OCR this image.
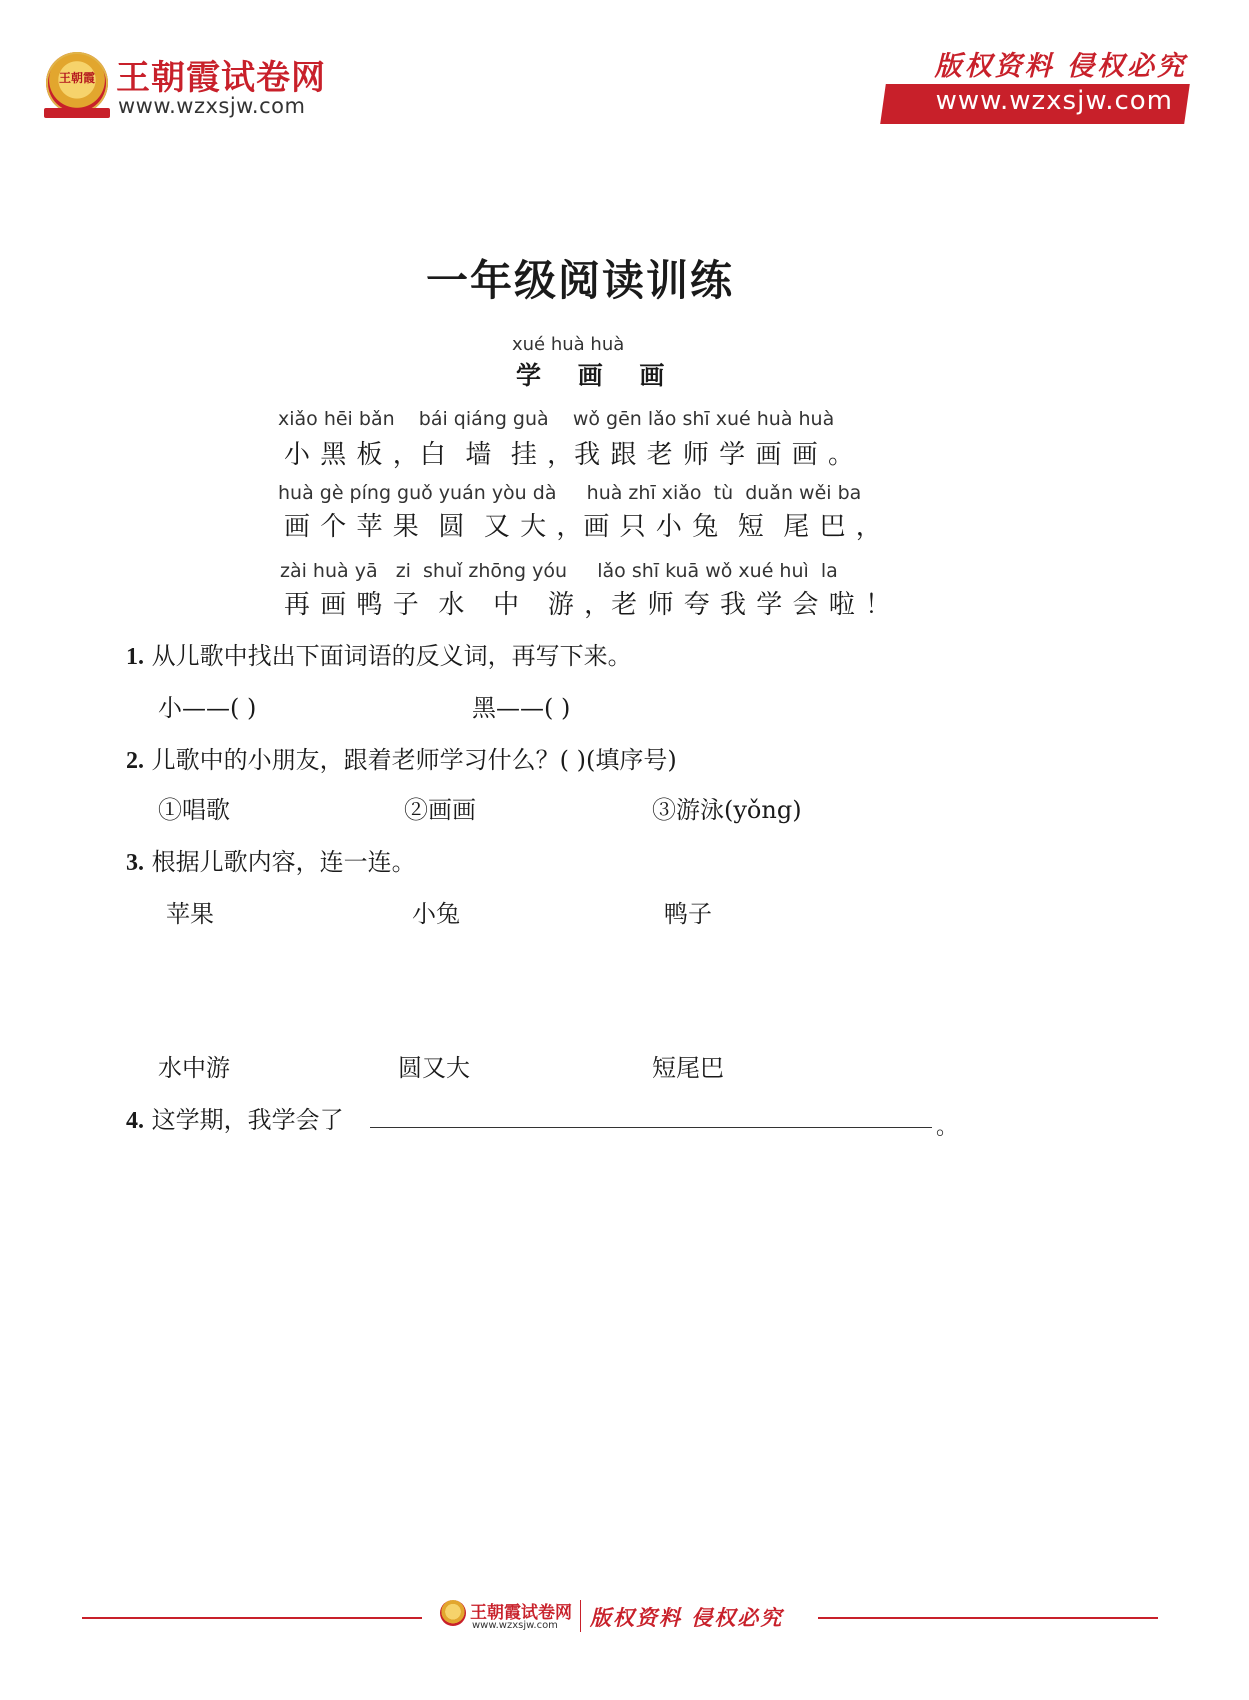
王朝霞 王朝霞试卷网
www.wzxsjw.com
版权资料 侵权必究
www.wzxsjw.com
一年级阅读训练
xué huà huà
学 画 画
xiǎo hēi bǎn    bái qiáng guà    wǒ gēn lǎo shī xué huà huà
小 黑 板 ，白  墙  挂 ，我 跟 老 师 学 画 画 。
huà gè píng guǒ yuán yòu dà     huà zhī xiǎo  tù  duǎn wěi ba
画 个 苹 果  圆  又 大 ，画 只 小 兔  短  尾 巴 ，
zài huà yā   zi  shuǐ zhōng yóu     lǎo shī kuā wǒ xué huì  la
再 画 鸭 子  水   中   游 ，老 师 夸 我 学 会 啦 ！
1. 从儿歌中找出下面词语的反义词，再写下来。
小——( )	黑——( )
2. 儿歌中的小朋友，跟着老师学习什么？( )(填序号)
①唱歌	②画画	③游泳(yǒng)
3. 根据儿歌内容，连一连。
苹果	小兔	鸭子
水中游	圆又大	短尾巴
4. 这学期，我学会了	。
王朝霞试卷网
www.wzxsjw.com 版权资料 侵权必究
